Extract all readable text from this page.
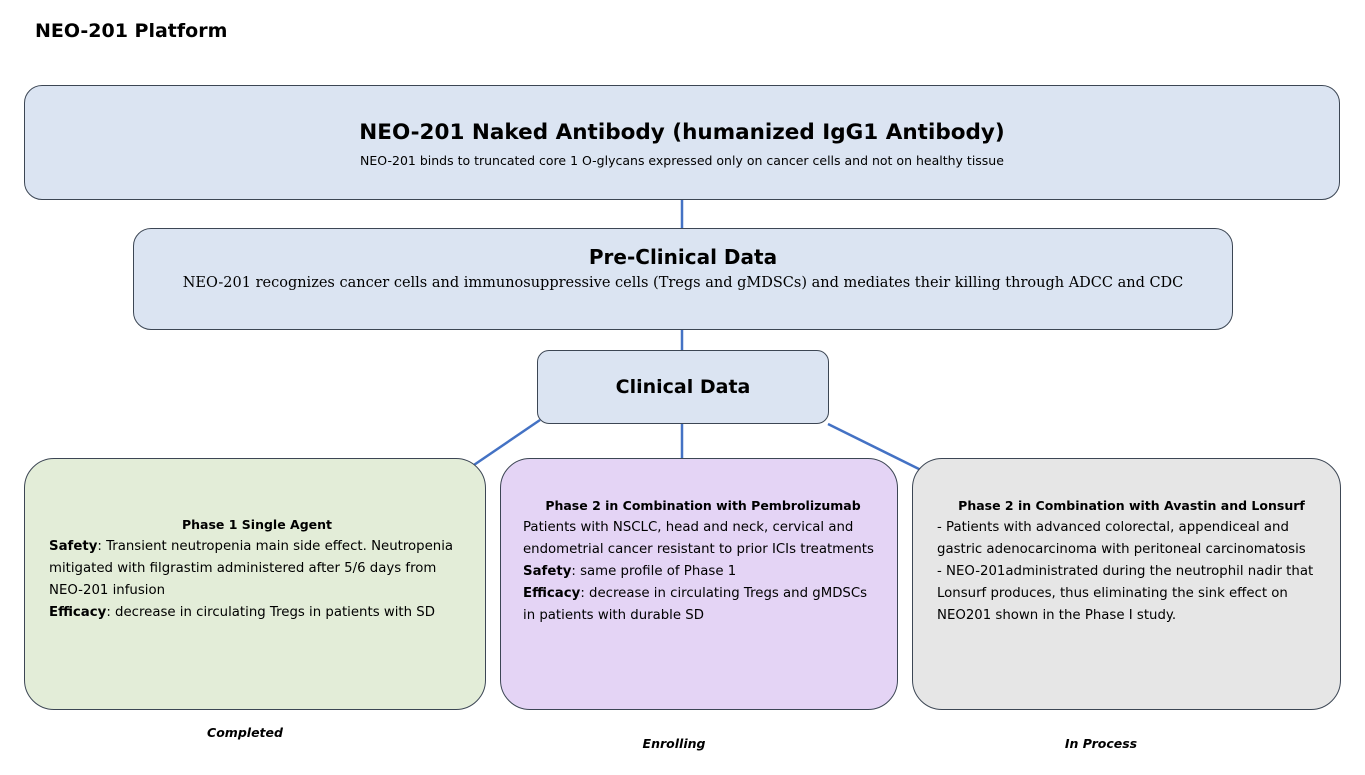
NEO-201 Platform
NEO-201 Naked Antibody (humanized IgG1 Antibody)
NEO-201 binds to truncated core 1 O-glycans expressed only on cancer cells and not on healthy tissue
Pre-Clinical Data
NEO-201 recognizes cancer cells and immunosuppressive cells (Tregs and gMDSCs) and mediates their killing through ADCC and CDC
Clinical Data
Phase 1 Single Agent

Safety: Transient neutropenia main side effect. Neutropenia mitigated with filgrastim administered after 5/6 days from NEO-201 infusion

Efficacy: decrease in circulating Tregs in patients with SD

Phase 2 in Combination with Pembrolizumab

Patients with NSCLC, head and neck, cervical and endometrial cancer resistant to prior ICIs treatments

Safety: same profile of Phase 1

Efficacy: decrease in circulating Tregs and gMDSCs in patients with durable SD

Phase 2 in Combination with Avastin and Lonsurf

- Patients with advanced colorectal, appendiceal and gastric adenocarcinoma with peritoneal carcinomatosis

- NEO-201administrated during the neutrophil nadir that Lonsurf produces, thus eliminating the sink effect on NEO201 shown in the Phase I study.

Completed
Enrolling	In Process
